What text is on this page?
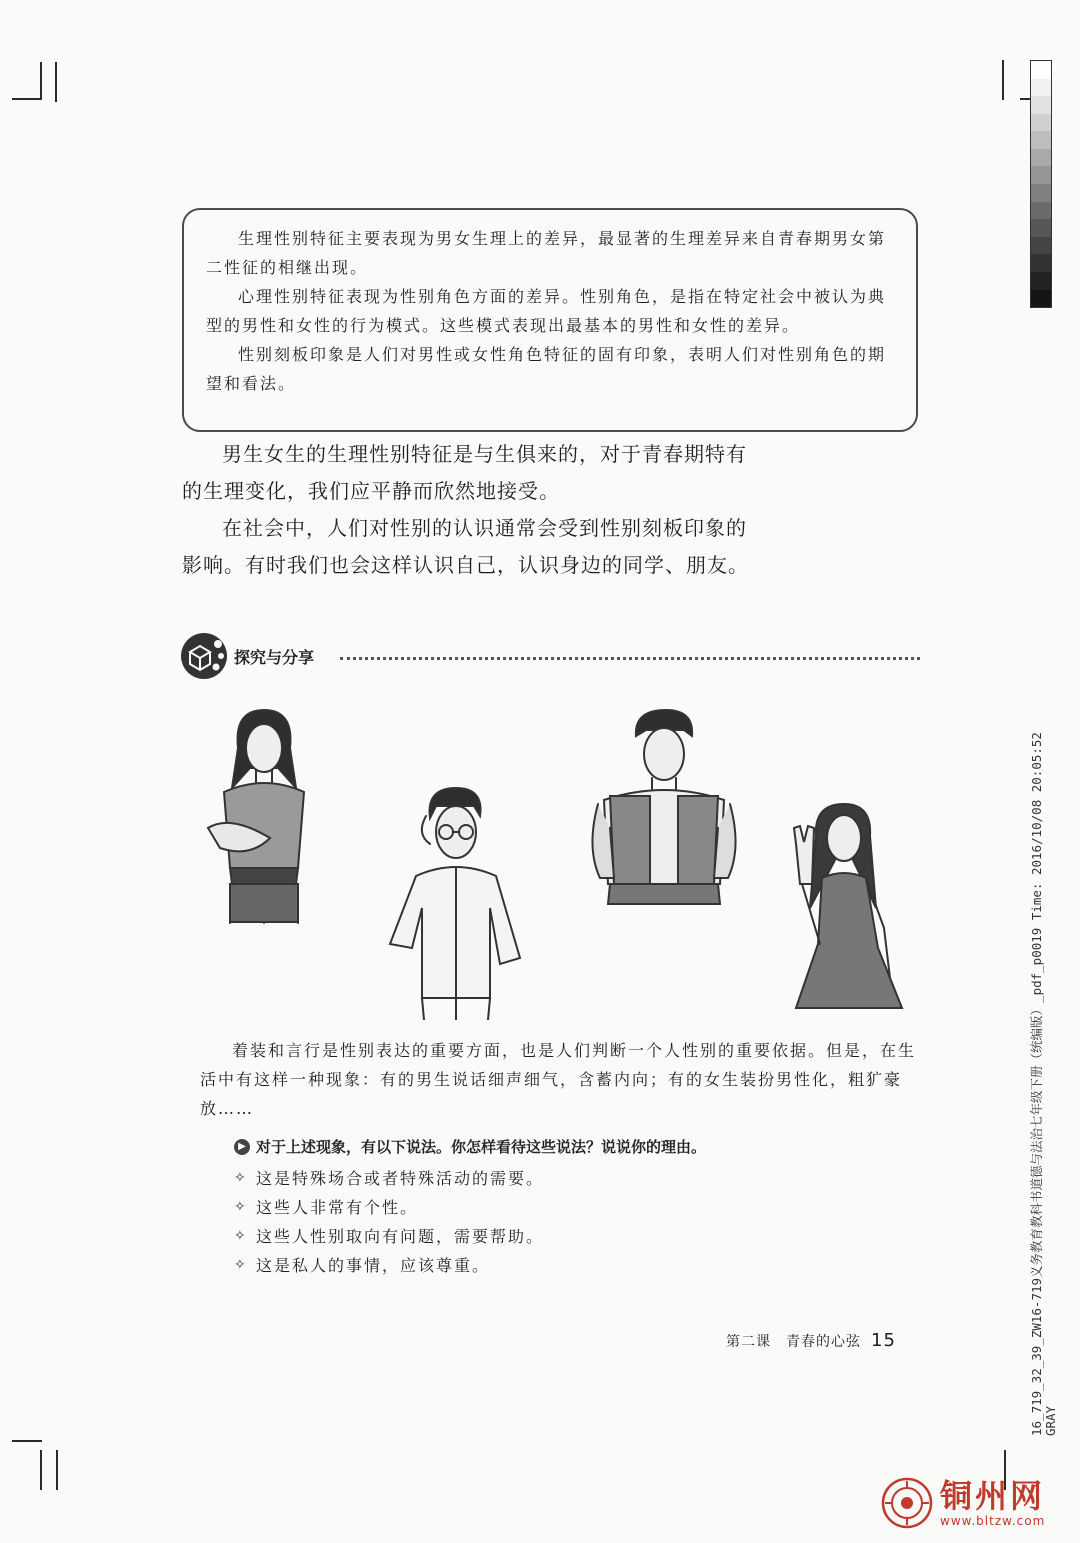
生理性别特征主要表现为男女生理上的差异，最显著的生理差异来自青春期男女第二性征的相继出现。

心理性别特征表现为性别角色方面的差异。性别角色，是指在特定社会中被认为典型的男性和女性的行为模式。这些模式表现出最基本的男性和女性的差异。

性别刻板印象是人们对男性或女性角色特征的固有印象，表明人们对性别角色的期望和看法。

男生女生的生理性别特征是与生俱来的，对于青春期特有的生理变化，我们应平静而欣然地接受。

在社会中，人们对性别的认识通常会受到性别刻板印象的影响。有时我们也会这样认识自己，认识身边的同学、朋友。

探究与分享

着装和言行是性别表达的重要方面，也是人们判断一个人性别的重要依据。但是，在生活中有这样一种现象：有的男生说话细声细气，含蓄内向；有的女生装扮男性化，粗犷豪放……

▶ 对于上述现象，有以下说法。你怎样看待这些说法？说说你的理由。
✧ 这是特殊场合或者特殊活动的需要。
✧ 这些人非常有个性。
✧ 这些人性别取向有问题，需要帮助。
✧ 这是私人的事情，应该尊重。
第二课　青春的心弦 15	16_719_32_39_ZW16-719义务教育教科书道德与法治七年级下册（统编版）_pdf_p0019 Time: 2016/10/08 20:05:52 GRAY
铜州网
www.bltzw.com
